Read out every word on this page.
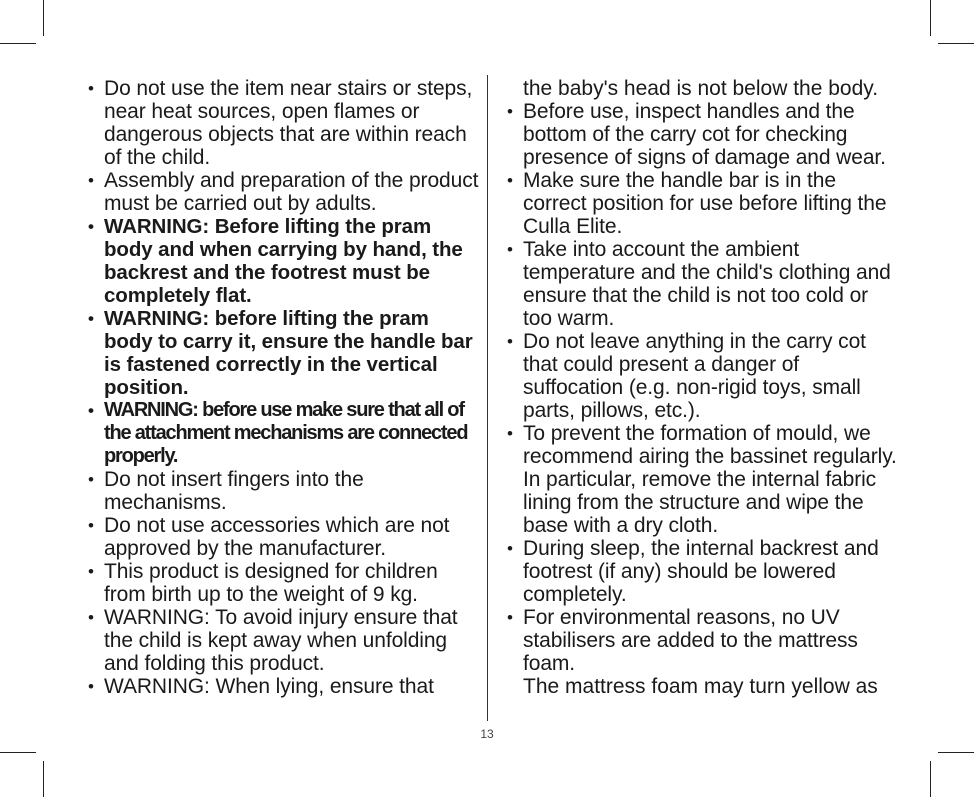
• Do not use the item near stairs or steps, near heat sources, open flames or dangerous objects that are within reach of the child.
• Assembly and preparation of the product must be carried out by adults.
• WARNING: Before lifting the pram body and when carrying by hand, the backrest and the footrest must be completely flat.
• WARNING: before lifting the pram body to carry it, ensure the handle bar is fastened correctly in the vertical position.
• WARNING: before use make sure that all of the attachment mechanisms are connected properly.
• Do not insert fingers into the mechanisms.
• Do not use accessories which are not approved by the manufacturer.
• This product is designed for children from birth up to the weight of 9 kg.
• WARNING: To avoid injury ensure that the child is kept away when unfolding and folding this product.
• WARNING: When lying, ensure that
the baby's head is not below the body.
• Before use, inspect handles and the bottom of the carry cot for checking presence of signs of damage and wear.
• Make sure the handle bar is in the correct position for use before lifting the Culla Elite.
• Take into account the ambient temperature and the child's clothing and ensure that the child is not too cold or too warm.
• Do not leave anything in the carry cot that could present a danger of suffocation (e.g. non-rigid toys, small parts, pillows, etc.).
• To prevent the formation of mould, we recommend airing the bassinet regularly. In particular, remove the internal fabric lining from the structure and wipe the base with a dry cloth.
• During sleep, the internal backrest and footrest (if any) should be lowered completely.
• For environmental reasons, no UV stabilisers are added to the mattress foam.
The mattress foam may turn yellow as
13
